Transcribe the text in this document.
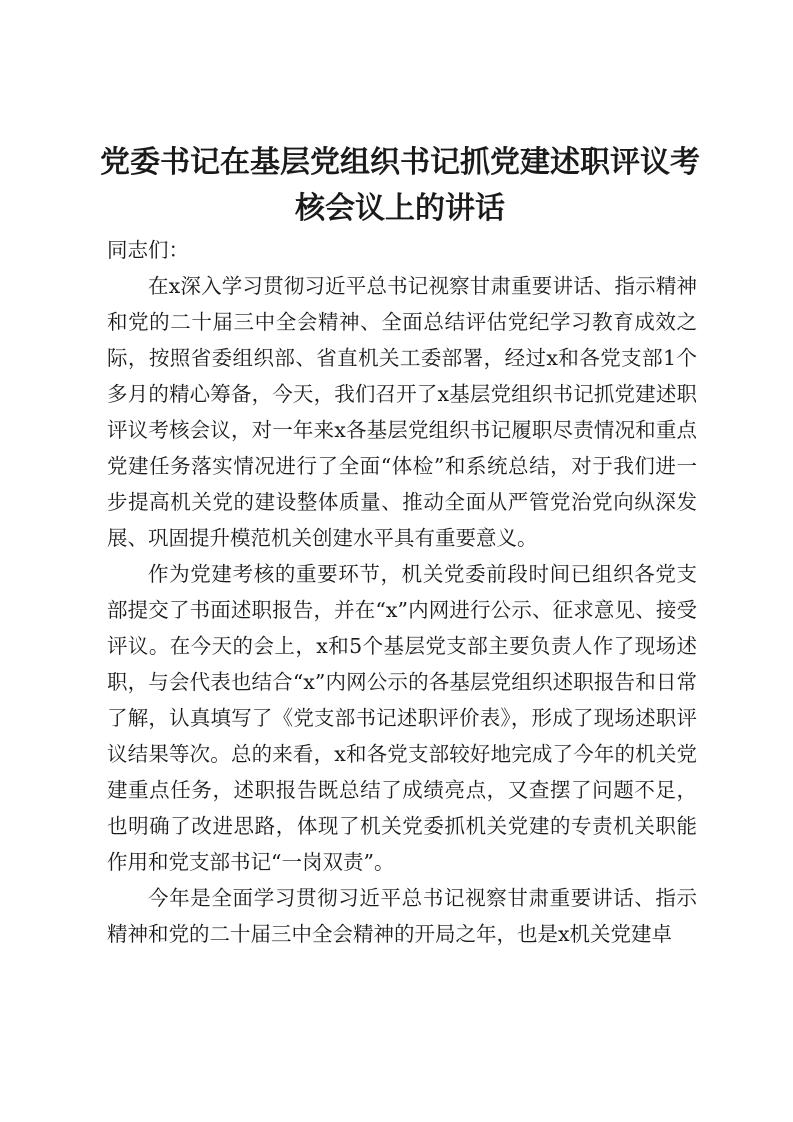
党委书记在基层党组织书记抓党建述职评议考核会议上的讲话

同志们：

在x深入学习贯彻习近平总书记视察甘肃重要讲话、指示精神和党的二十届三中全会精神、全面总结评估党纪学习教育成效之际，按照省委组织部、省直机关工委部署，经过x和各党支部1个多月的精心筹备，今天，我们召开了x基层党组织书记抓党建述职评议考核会议，对一年来x各基层党组织书记履职尽责情况和重点党建任务落实情况进行了全面“体检”和系统总结，对于我们进一步提高机关党的建设整体质量、推动全面从严管党治党向纵深发展、巩固提升模范机关创建水平具有重要意义。

作为党建考核的重要环节，机关党委前段时间已组织各党支部提交了书面述职报告，并在“x”内网进行公示、征求意见、接受评议。在今天的会上，x和5个基层党支部主要负责人作了现场述职，与会代表也结合“x”内网公示的各基层党组织述职报告和日常了解，认真填写了《党支部书记述职评价表》，形成了现场述职评议结果等次。总的来看，x和各党支部较好地完成了今年的机关党建重点任务，述职报告既总结了成绩亮点，又查摆了问题不足，也明确了改进思路，体现了机关党委抓机关党建的专责机关职能作用和党支部书记“一岗双责”。

今年是全面学习贯彻习近平总书记视察甘肃重要讲话、指示精神和党的二十届三中全会精神的开局之年，也是x机关党建卓
